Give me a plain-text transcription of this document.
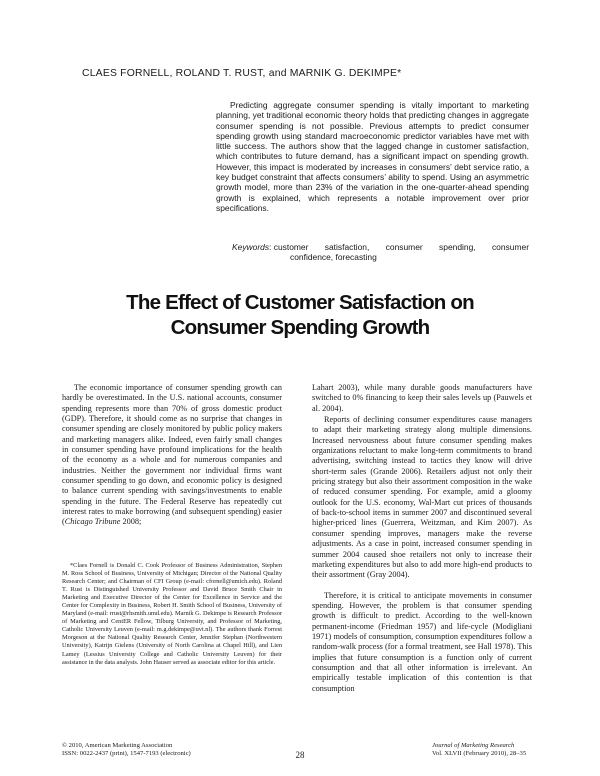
CLAES FORNELL, ROLAND T. RUST, and MARNIK G. DEKIMPE*

Predicting aggregate consumer spending is vitally important to marketing planning, yet traditional economic theory holds that predicting changes in aggregate consumer spending is not possible. Previous attempts to predict consumer spending growth using standard macroeconomic predictor variables have met with little success. The authors show that the lagged change in customer satisfaction, which contributes to future demand, has a significant impact on spending growth. However, this impact is moderated by increases in consumers’ debt service ratio, a key budget constraint that affects consumers’ ability to spend. Using an asymmetric growth model, more than 23% of the variation in the one-quarter-ahead spending growth is explained, which represents a notable improvement over prior specifications.

Keywords: customer satisfaction, consumer spending, consumer
confidence, forecasting
The Effect of Customer Satisfaction on
Consumer Spending Growth

The economic importance of consumer spending growth can hardly be overestimated. In the U.S. national accounts, consumer spending represents more than 70% of gross domestic product (GDP). Therefore, it should come as no surprise that changes in consumer spending are closely monitored by public policy makers and marketing managers alike. Indeed, even fairly small changes in consumer spending have profound implications for the health of the economy as a whole and for numerous companies and industries. Neither the government nor individual firms want consumer spending to go down, and economic policy is designed to balance current spending with savings/investments to enable spending in the future. The Federal Reserve has repeatedly cut interest rates to make borrowing (and subsequent spending) easier (Chicago Tribune 2008;

*Claes Fornell is Donald C. Cook Professor of Business Administration, Stephen M. Ross School of Business, University of Michigan; Director of the National Quality Research Center; and Chairman of CFI Group (e-mail: cfornell@umich.edu). Roland T. Rust is Distinguished University Professor and David Bruce Smith Chair in Marketing and Executive Director of the Center for Excellence in Service and the Center for Complexity in Business, Robert H. Smith School of Business, University of Maryland (e-mail: rrust@rhsmith.umd.edu). Marnik G. Dekimpe is Research Professor of Marketing and CentER Fellow, Tilburg University, and Professor of Marketing, Catholic University Leuven (e-mail: m.g.dekimpe@uvt.nl). The authors thank Forrest Morgeson at the National Quality Research Center, Jennifer Stephan (Northwestern University), Katrijn Gielens (University of North Carolina at Chapel Hill), and Lien Lamey (Lessius University College and Catholic University Leuven) for their assistance in the data analysis. John Hauser served as associate editor for this article.

Lahart 2003), while many durable goods manufacturers have switched to 0% financing to keep their sales levels up (Pauwels et al. 2004).

Reports of declining consumer expenditures cause managers to adapt their marketing strategy along multiple dimensions. Increased nervousness about future consumer spending makes organizations reluctant to make long-term commitments to brand advertising, switching instead to tactics they know will drive short-term sales (Grande 2006). Retailers adjust not only their pricing strategy but also their assortment composition in the wake of reduced consumer spending. For example, amid a gloomy outlook for the U.S. economy, Wal-Mart cut prices of thousands of back-to-school items in summer 2007 and discontinued several higher-priced lines (Guerrera, Weitzman, and Kim 2007). As consumer spending improves, managers make the reverse adjustments. As a case in point, increased consumer spending in summer 2004 caused shoe retailers not only to increase their marketing expenditures but also to add more high-end products to their assortment (Gray 2004).

Therefore, it is critical to anticipate movements in consumer spending. However, the problem is that consumer spending growth is difficult to predict. According to the well-known permanent-income (Friedman 1957) and life-cycle (Modigliani 1971) models of consumption, consumption expenditures follow a random-walk process (for a formal treatment, see Hall 1978). This implies that future consumption is a function only of current consumption and that all other information is irrelevant. An empirically testable implication of this contention is that consumption

© 2010, American Marketing Association
ISSN: 0022-2437 (print), 1547-7193 (electronic)	28
Journal of Marketing Research
Vol. XLVII (February 2010), 28–35
